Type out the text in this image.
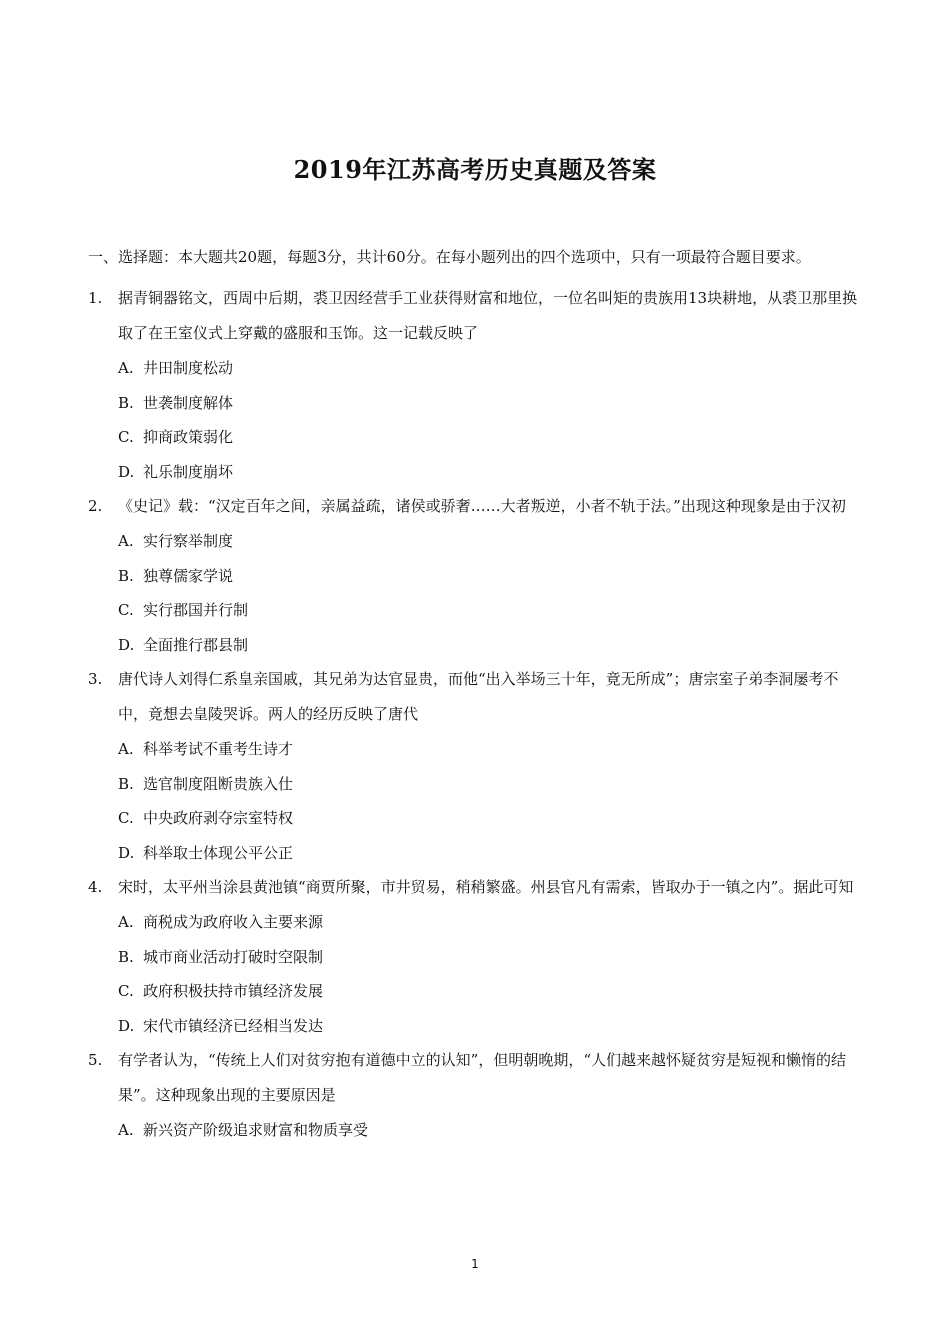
2019年江苏高考历史真题及答案
一、选择题：本大题共20题，每题3分，共计60分。在每小题列出的四个选项中，只有一项最符合题目要求。

1. 据青铜器铭文，西周中后期，裘卫因经营手工业获得财富和地位，一位名叫矩的贵族用13块耕地，从裘卫那里换取了在王室仪式上穿戴的盛服和玉饰。这一记载反映了

A. 井田制度松动

B. 世袭制度解体

C. 抑商政策弱化

D. 礼乐制度崩坏

2. 《史记》载：“汉定百年之间，亲属益疏，诸侯或骄奢……大者叛逆，小者不轨于法。”出现这种现象是由于汉初

A. 实行察举制度

B. 独尊儒家学说

C. 实行郡国并行制

D. 全面推行郡县制

3. 唐代诗人刘得仁系皇亲国戚，其兄弟为达官显贵，而他“出入举场三十年，竟无所成”；唐宗室子弟李洞屡考不中，竟想去皇陵哭诉。两人的经历反映了唐代

A. 科举考试不重考生诗才

B. 选官制度阻断贵族入仕

C. 中央政府剥夺宗室特权

D. 科举取士体现公平公正

4. 宋时，太平州当涂县黄池镇“商贾所聚，市井贸易，稍稍繁盛。州县官凡有需索，皆取办于一镇之内”。据此可知

A. 商税成为政府收入主要来源

B. 城市商业活动打破时空限制

C. 政府积极扶持市镇经济发展

D. 宋代市镇经济已经相当发达

5. 有学者认为，“传统上人们对贫穷抱有道德中立的认知”，但明朝晚期，“人们越来越怀疑贫穷是短视和懒惰的结果”。这种现象出现的主要原因是

A. 新兴资产阶级追求财富和物质享受

1
